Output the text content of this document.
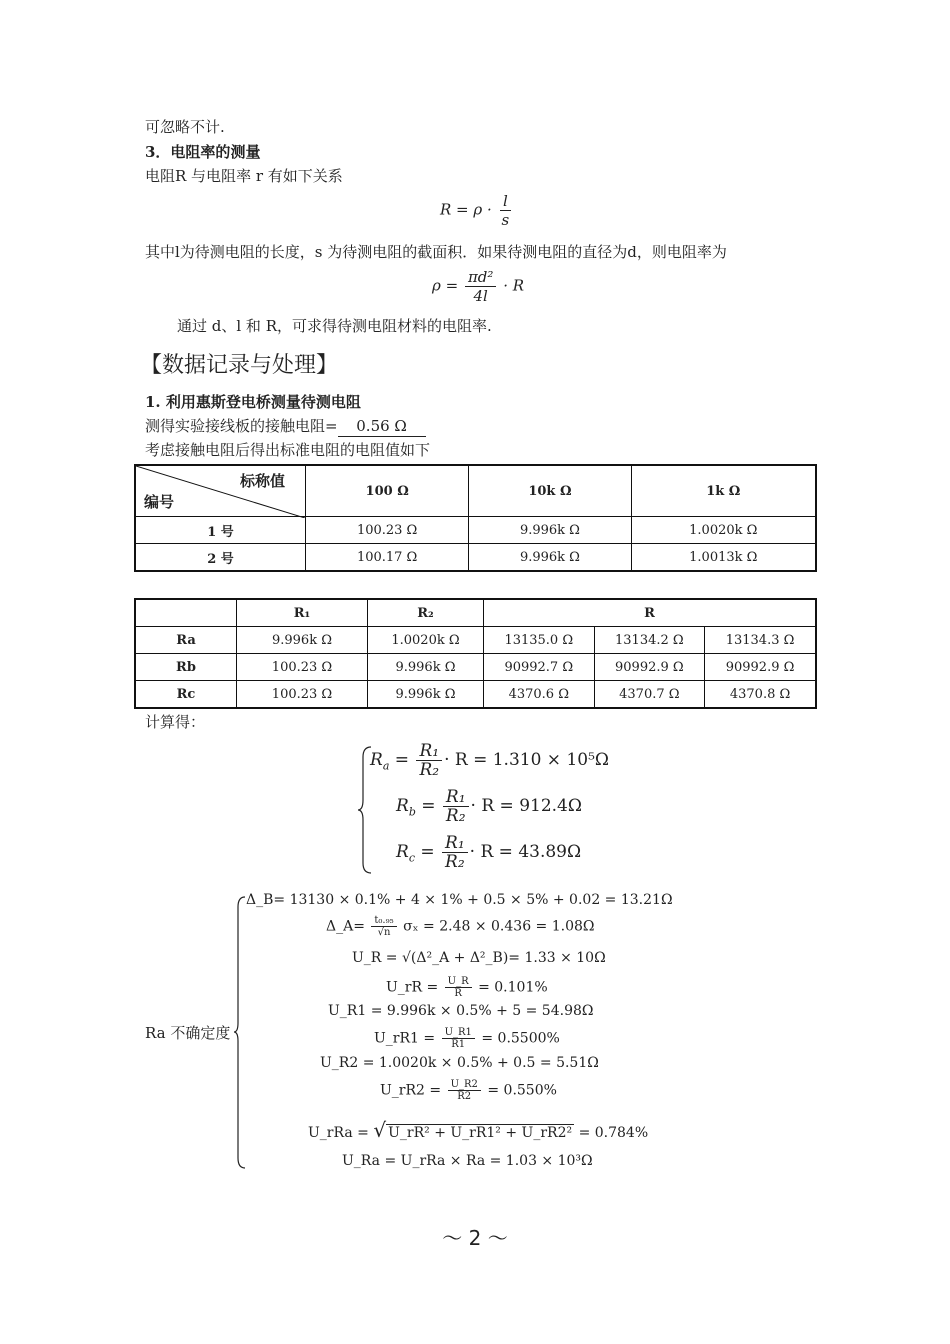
可忽略不计.
3．电阻率的测量
电阻R 与电阻率 r 有如下关系
$R = \rho \cdot \frac{l}{s}$
其中l为待测电阻的长度，s 为待测电阻的截面积．如果待测电阻的直径为d，则电阻率为
$\rho = \frac{\text{πd²}}{4l} \cdot R$
通过 d、l 和 R，可求得待测电阻材料的电阻率.
【数据记录与处理】
1. 利用惠斯登电桥测量待测电阻
测得实验接线板的接触电阻= 0.56 Ω
考虑接触电阻后得出标准电阻的电阻值如下
标称值
编号	100 Ω	10k Ω	1k Ω
1 号	100.23 Ω	9.996k Ω	1.0020k Ω
2 号	100.17 Ω	9.996k Ω	1.0013k Ω
	R₁	R₂	R		
Ra	9.996k Ω	1.0020k Ω	13135.0 Ω	13134.2 Ω	13134.3 Ω
Rb	100.23 Ω	9.996k Ω	90992.7 Ω	90992.9 Ω	90992.9 Ω
Rc	100.23 Ω	9.996k Ω	4370.6 Ω	4370.7 Ω	4370.8 Ω
计算得：
$R_a = \frac{\text{R₁}}{\text{R₂}} \cdot R = 1.310 \times 10^5\Omega$
$R_b = \frac{\text{R₁}}{\text{R₂}} \cdot R = 912.4\Omega$
$R_c = \frac{\text{R₁}}{\text{R₂}} \cdot R = 43.89\Omega$
Ra 不确定度
Δ_B= 13130 × 0.1% + 4 × 1% + 0.5 × 5% + 0.02 = 13.21Ω
Δ_A= $\frac{\text{t₀.₉₅}}{√n}$ σₓ = 2.48 × 0.436 = 1.08Ω
U_R = √(Δ²_A + Δ²_B)= 1.33 × 10Ω
U_rR = $\frac{U\_R}{R} = 0.101\%$
U_R1 = 9.996k × 0.5% + 5 = 54.98Ω
U_rR1 = $\frac{U\_R1}{R1} = 0.5500\%$
U_R2 = 1.0020k × 0.5% + 0.5 = 5.51Ω
U_rR2 = $\frac{U\_R2}{R2} = 0.550\%$
U_rRa = √ U_rR² + U_rR1² + U_rR2² = 0.784%
U_Ra = U_rRa × Ra = 1.03 × 10³Ω
～ 2 ～
